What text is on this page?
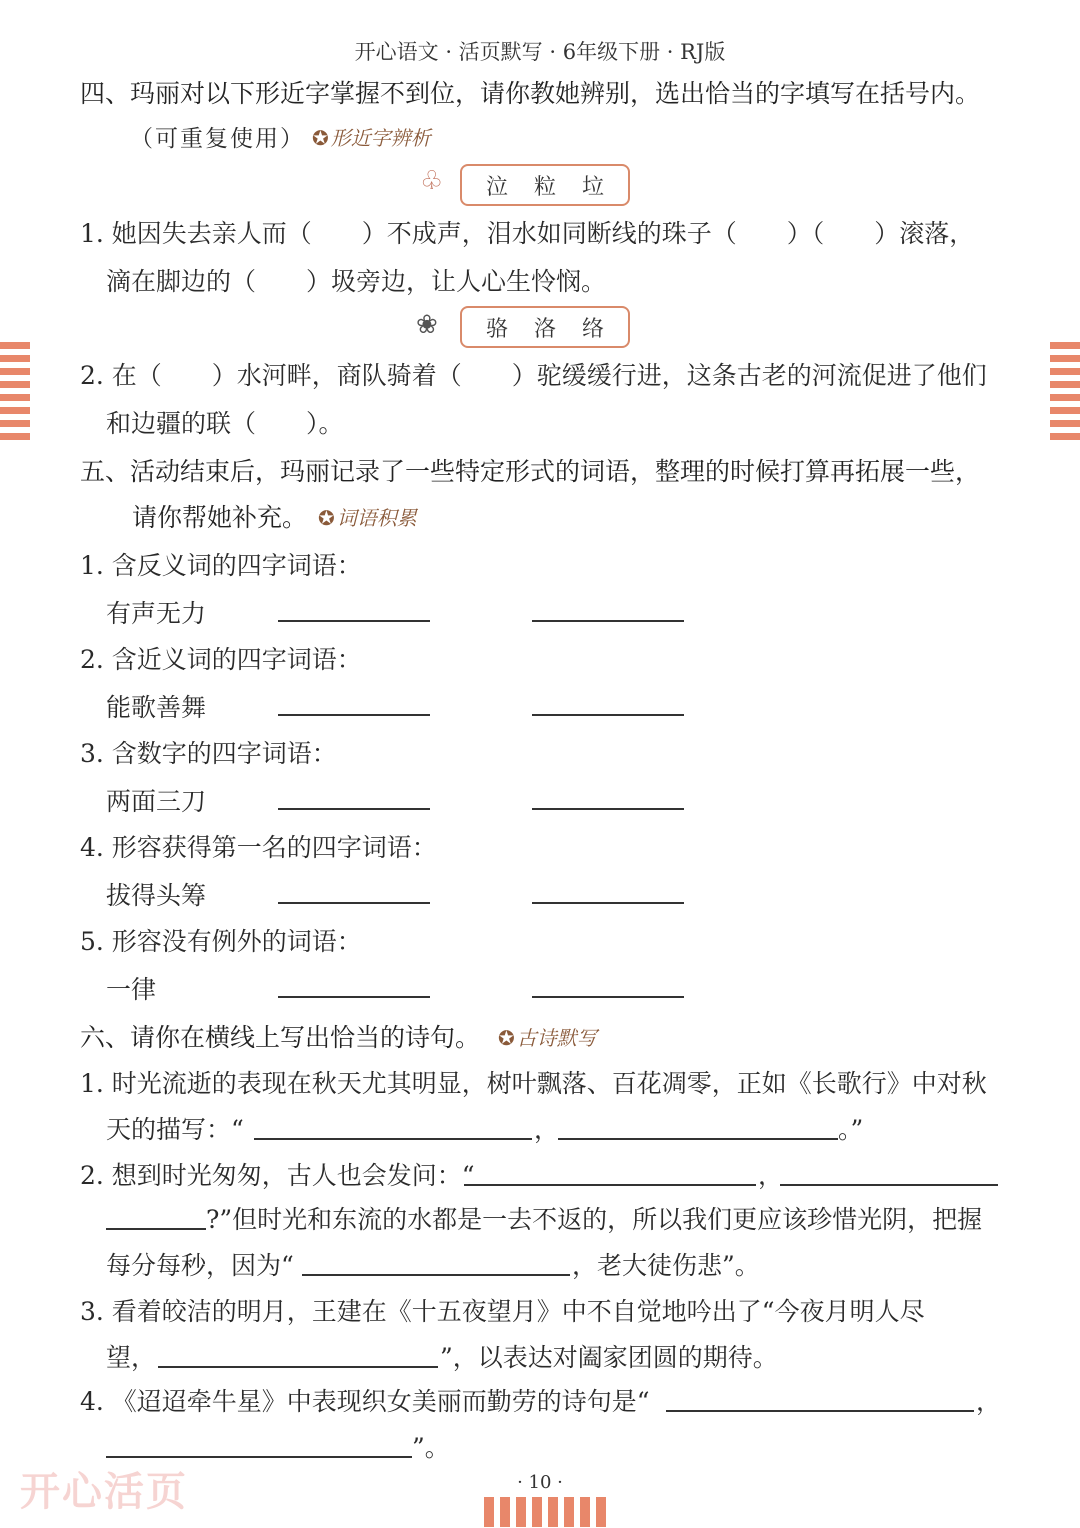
开心语文 · 活页默写 · 6年级下册 · RJ版
四、玛丽对以下形近字掌握不到位，请你教她辨别，选出恰当的字填写在括号内。
（可重复使用） ✪ 形近字辨析
♧ 泣 粒 垃
1. 她因失去亲人而（　　）不成声，泪水如同断线的珠子（　　）（　　）滚落，
滴在脚边的（　　）圾旁边，让人心生怜悯。
❀ 骆 洛 络
2. 在（　　）水河畔，商队骑着（　　）驼缓缓行进，这条古老的河流促进了他们
和边疆的联（　　）。
五、活动结束后，玛丽记录了一些特定形式的词语，整理的时候打算再拓展一些，
请你帮她补充。 ✪ 词语积累
1. 含反义词的四字词语：
有声无力
2. 含近义词的四字词语：
能歌善舞
3. 含数字的四字词语：
两面三刀
4. 形容获得第一名的四字词语：
拔得头筹
5. 形容没有例外的词语：
一律
六、请你在横线上写出恰当的诗句。 ✪ 古诗默写
1. 时光流逝的表现在秋天尤其明显，树叶飘落、百花凋零，正如《长歌行》中对秋
天的描写：“	，	。”
2. 想到时光匆匆，古人也会发问：“	，
?”但时光和东流的水都是一去不返的，所以我们更应该珍惜光阴，把握
每分每秒，因为“	，老大徒伤悲”。
3. 看着皎洁的明月，王建在《十五夜望月》中不自觉地吟出了“今夜月明人尽
望，	”，以表达对阖家团圆的期待。
4. 《迢迢牵牛星》中表现织女美丽而勤劳的诗句是“	，
”。
开心活页	· 10 ·
